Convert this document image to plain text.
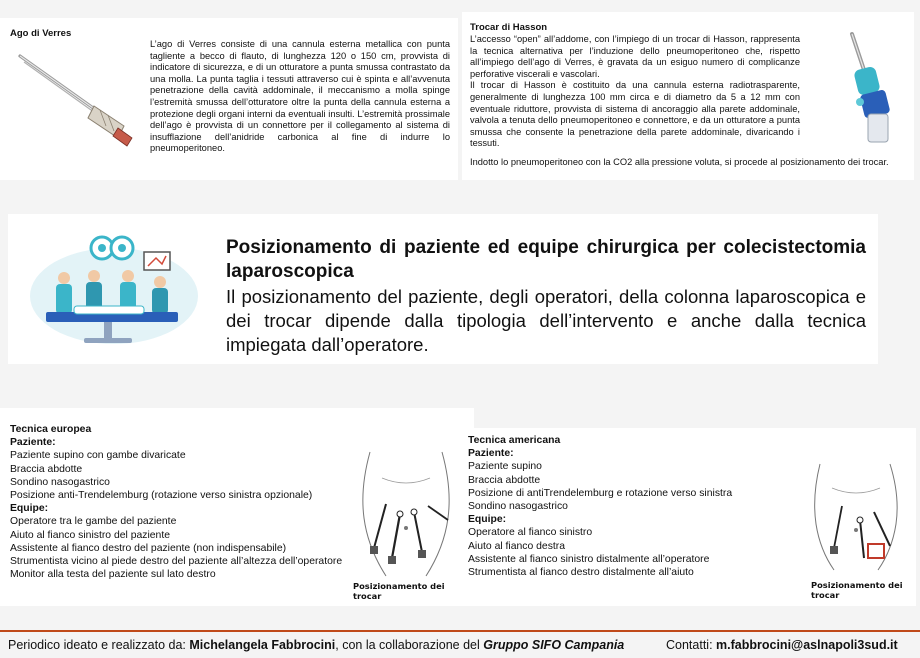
Ago di Verres
L’ago di Verres consiste di una cannula esterna metallica con punta tagliente a becco di flauto, di lunghezza 120 o 150 cm, provvista di indicatore di sicurezza, e di un otturatore a punta smussa contrastato da una molla. La punta taglia i tessuti attraverso cui è spinta e all’avvenuta penetrazione della cavità addominale, il meccanismo a molla spinge l’estremità smussa dell’otturatore oltre la punta della cannula esterna a protezione degli organi interni da eventuali insulti. L’estremità prossimale dell’ago è provvista di un connettore per il collegamento al sistema di insufflazione dell’anidride carbonica al fine di indurre lo pneumoperitoneo.
Trocar di Hasson
L’accesso “open” all’addome, con l’impiego di un trocar di Hasson, rappresenta la tecnica alternativa per l’induzione dello pneumoperitoneo che, rispetto all’impiego dell’ago di Verres, è gravata da un esiguo numero di complicanze perforative viscerali e vascolari.
Il trocar di Hasson è costituito da una cannula esterna radiotrasparente, generalmente di lunghezza 100 mm circa e di diametro da 5 a 12 mm con eventuale riduttore, provvista di sistema di ancoraggio alla parete addominale, valvola a tenuta dello pneumoperitoneo e connettore, e da un otturatore a punta smussa che consente la penetrazione della parete addominale, divaricando i tessuti.
Indotto lo pneumoperitoneo con la CO2 alla pressione voluta, si procede al posizionamento dei trocar.
Posizionamento di paziente ed equipe chirurgica per colecistectomia laparoscopica
Il posizionamento del paziente, degli operatori, della colonna laparoscopica e dei trocar dipende dalla tipologia dell’intervento e anche dalla tecnica impiegata dall’operatore.
Tecnica europea
Paziente:
Paziente supino con gambe divaricate
Braccia abdotte
Sondino nasogastrico
Posizione anti-Trendelemburg (rotazione verso sinistra opzionale)
Equipe:
Operatore tra le gambe del paziente
Aiuto al fianco sinistro del paziente
Assistente al fianco destro del paziente (non indispensabile)
Strumentista vicino al piede destro del paziente all’altezza dell’operatore
Monitor alla testa del paziente sul lato destro
Posizionamento dei trocar
Tecnica americana
Paziente:
Paziente supino
Braccia abdotte
Posizione di antiTrendelemburg e rotazione verso sinistra
Sondino nasogastrico
Equipe:
Operatore al fianco sinistro
Aiuto al fianco destra
Assistente al fianco sinistro distalmente all’operatore
Strumentista al fianco destro distalmente all’aiuto
Posizionamento dei trocar
Periodico ideato e realizzato da: Michelangela Fabbrocini, con la collaborazione del Gruppo SIFO Campania	Contatti: m.fabbrocini@aslnapoli3sud.it
